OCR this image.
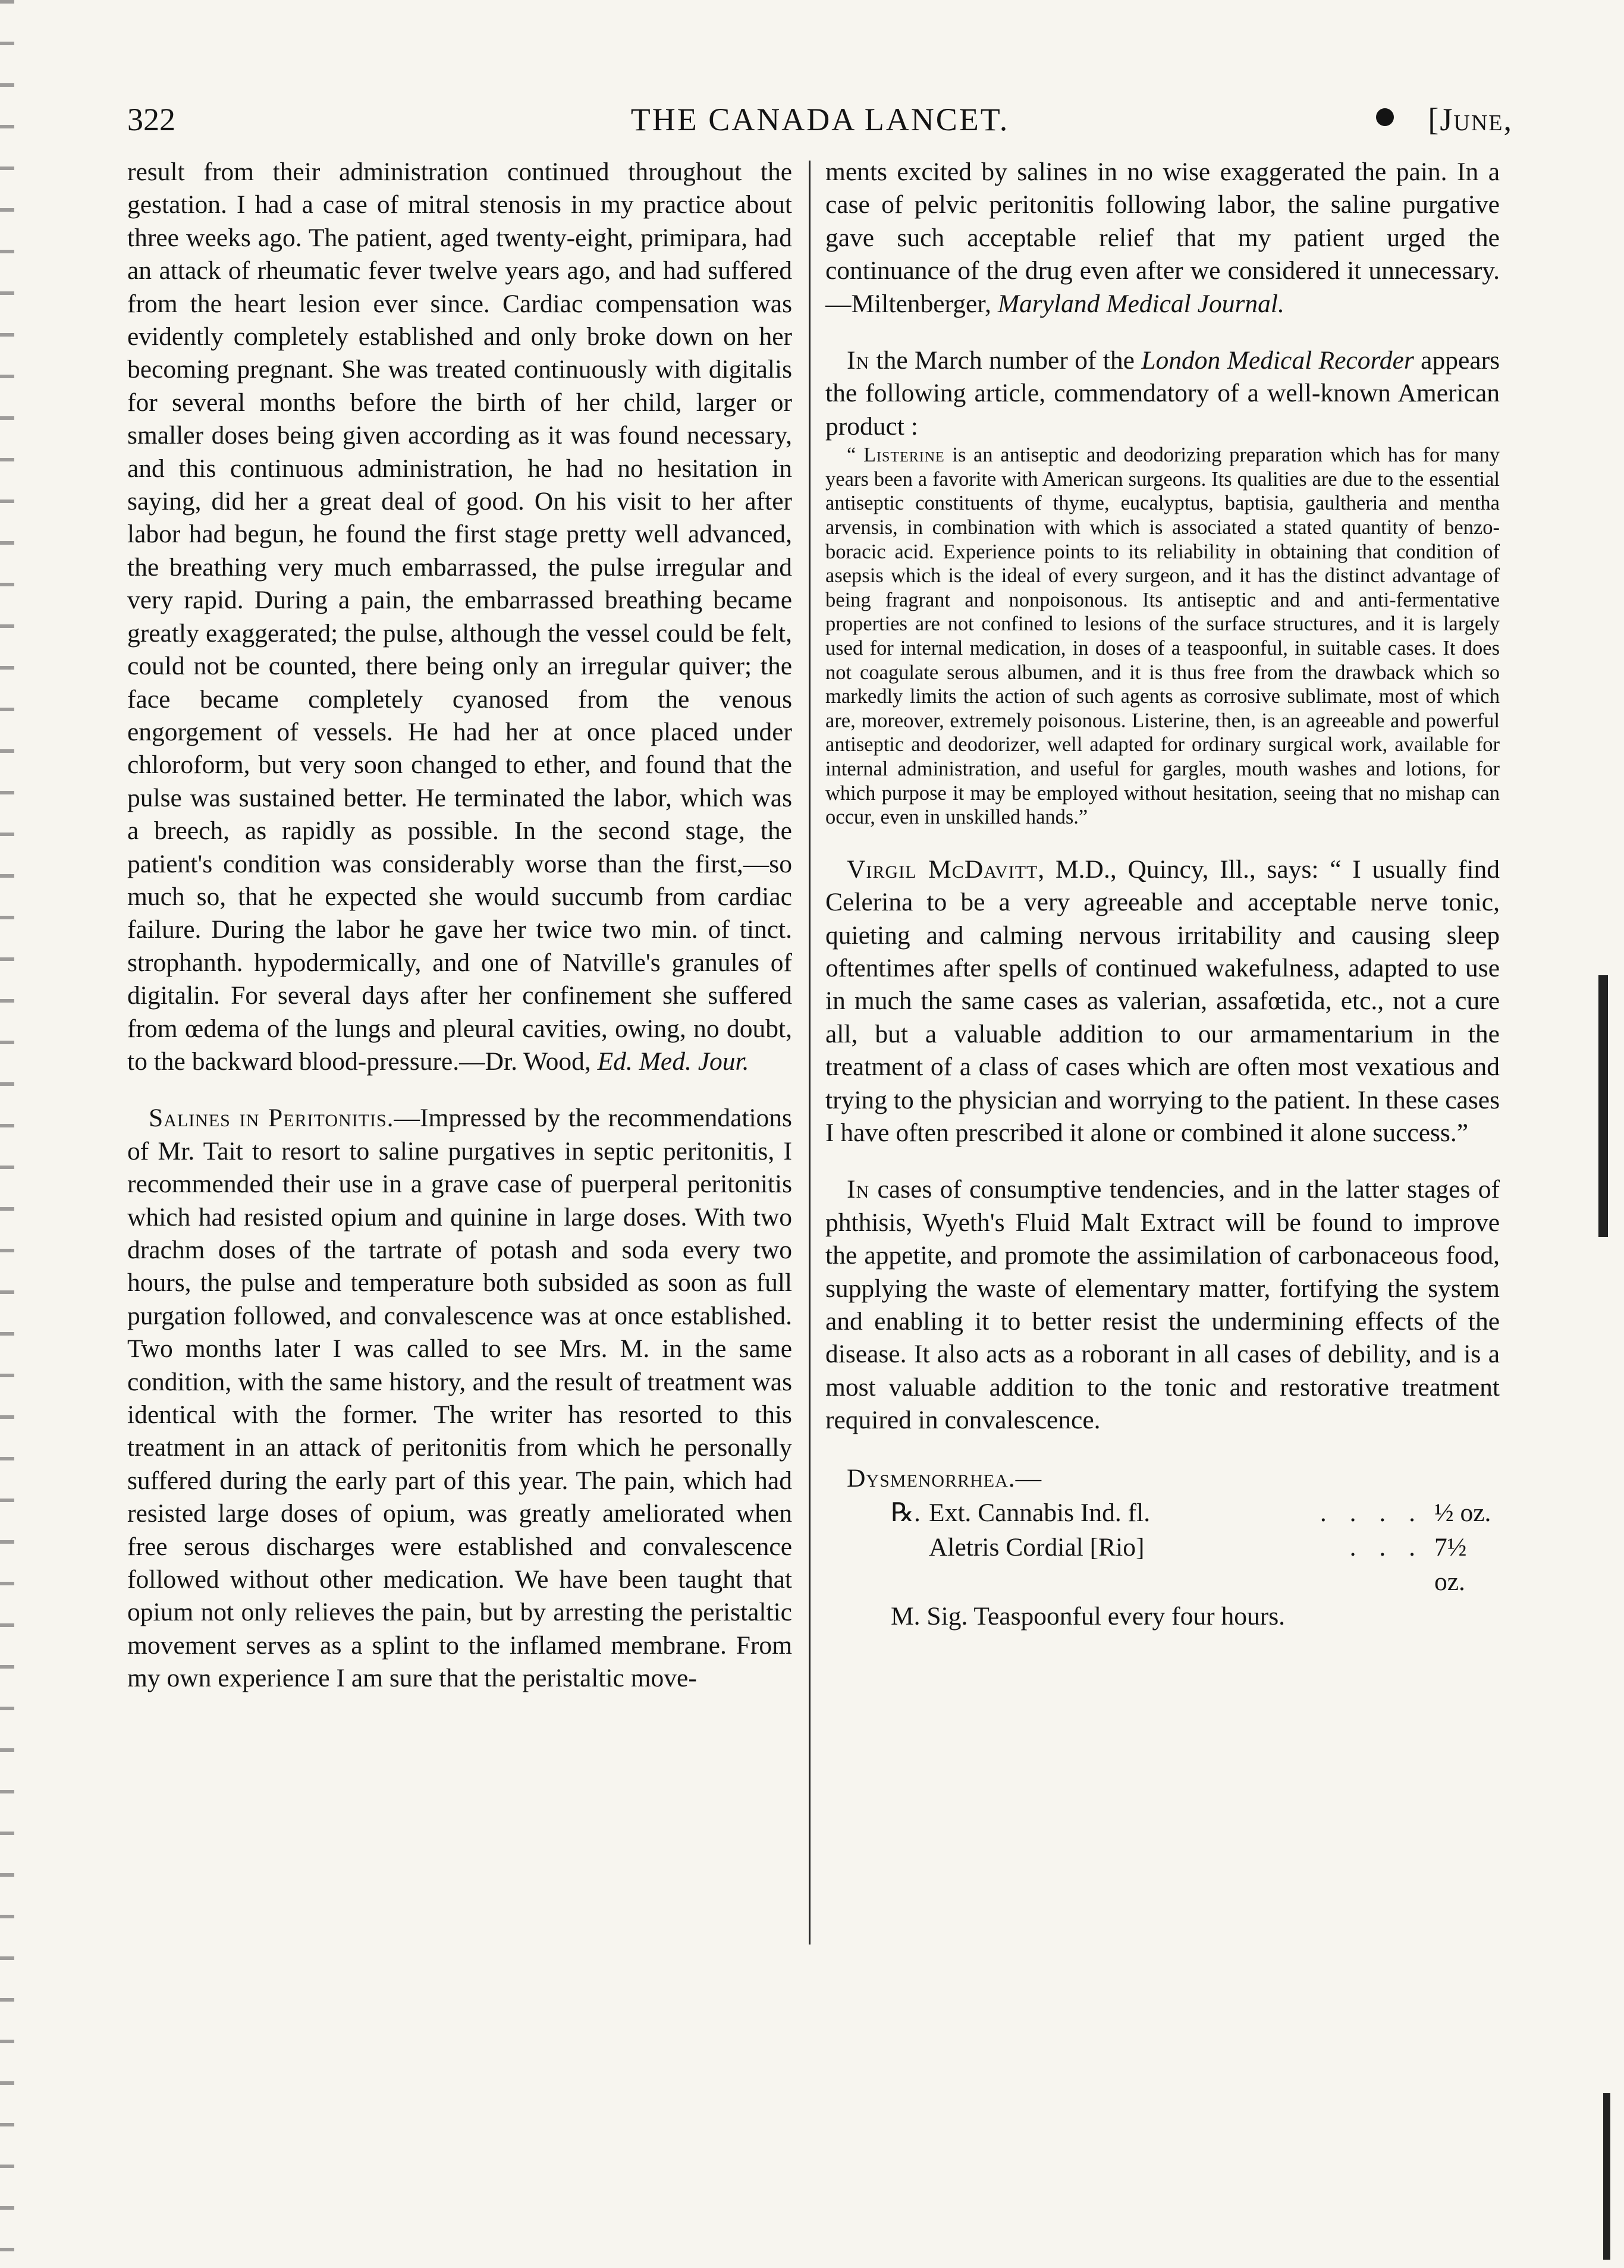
322	THE CANADA LANCET.	[June,

result from their administration continued throughout the gestation. I had a case of mitral stenosis in my practice about three weeks ago. The patient, aged twenty-eight, primipara, had an attack of rheumatic fever twelve years ago, and had suffered from the heart lesion ever since. Cardiac compensation was evidently completely established and only broke down on her becoming pregnant. She was treated continuously with digitalis for several months before the birth of her child, larger or smaller doses being given according as it was found necessary, and this continuous administration, he had no hesitation in saying, did her a great deal of good. On his visit to her after labor had begun, he found the first stage pretty well advanced, the breathing very much embarrassed, the pulse irregular and very rapid. During a pain, the embarrassed breathing became greatly exaggerated; the pulse, although the vessel could be felt, could not be counted, there being only an irregular quiver; the face became completely cyanosed from the venous engorgement of vessels. He had her at once placed under chloroform, but very soon changed to ether, and found that the pulse was sustained better. He terminated the labor, which was a breech, as rapidly as possible. In the second stage, the patient's condition was considerably worse than the first,—so much so, that he expected she would succumb from cardiac failure. During the labor he gave her twice two min. of tinct. strophanth. hypodermically, and one of Natville's granules of digitalin. For several days after her confinement she suffered from œdema of the lungs and pleural cavities, owing, no doubt, to the backward blood-pressure.—Dr. Wood, Ed. Med. Jour.

Salines in Peritonitis.—Impressed by the recommendations of Mr. Tait to resort to saline purgatives in septic peritonitis, I recommended their use in a grave case of puerperal peritonitis which had resisted opium and quinine in large doses. With two drachm doses of the tartrate of potash and soda every two hours, the pulse and temperature both subsided as soon as full purgation followed, and convalescence was at once established. Two months later I was called to see Mrs. M. in the same condition, with the same history, and the result of treatment was identical with the former. The writer has resorted to this treatment in an attack of peritonitis from which he personally suffered during the early part of this year. The pain, which had resisted large doses of opium, was greatly ameliorated when free serous discharges were established and convalescence followed without other medication. We have been taught that opium not only relieves the pain, but by arresting the peristaltic movement serves as a splint to the inflamed membrane. From my own experience I am sure that the peristaltic move-

ments excited by salines in no wise exaggerated the pain. In a case of pelvic peritonitis following labor, the saline purgative gave such acceptable relief that my patient urged the continuance of the drug even after we considered it unnecessary. —Miltenberger, Maryland Medical Journal.

In the March number of the London Medical Recorder appears the following article, commendatory of a well-known American product :

“ Listerine is an antiseptic and deodorizing preparation which has for many years been a favorite with American surgeons. Its qualities are due to the essential antiseptic constituents of thyme, eucalyptus, baptisia, gaultheria and mentha arvensis, in combination with which is associated a stated quantity of benzo-boracic acid. Experience points to its reliability in obtaining that condition of asepsis which is the ideal of every surgeon, and it has the distinct advantage of being fragrant and nonpoisonous. Its antiseptic and and anti-fermentative properties are not confined to lesions of the surface structures, and it is largely used for internal medication, in doses of a teaspoonful, in suitable cases. It does not coagulate serous albumen, and it is thus free from the drawback which so markedly limits the action of such agents as corrosive sublimate, most of which are, moreover, extremely poisonous. Listerine, then, is an agreeable and powerful antiseptic and deodorizer, well adapted for ordinary surgical work, available for internal administration, and useful for gargles, mouth washes and lotions, for which purpose it may be employed without hesitation, seeing that no mishap can occur, even in unskilled hands.”

Virgil McDavitt, M.D., Quincy, Ill., says: “ I usually find Celerina to be a very agreeable and acceptable nerve tonic, quieting and calming nervous irritability and causing sleep oftentimes after spells of continued wakefulness, adapted to use in much the same cases as valerian, assafœtida, etc., not a cure all, but a valuable addition to our armamentarium in the treatment of a class of cases which are often most vexatious and trying to the physician and worrying to the patient. In these cases I have often prescribed it alone or combined it alone success.”

In cases of consumptive tendencies, and in the latter stages of phthisis, Wyeth's Fluid Malt Extract will be found to improve the appetite, and promote the assimilation of carbonaceous food, supplying the waste of elementary matter, fortifying the system and enabling it to better resist the undermining effects of the disease. It also acts as a roborant in all cases of debility, and is a most valuable addition to the tonic and restorative treatment required in convalescence.

Dysmenorrhea.—
℞. Ext. Cannabis Ind. fl.	. . . . ½ oz.
Aletris Cordial [Rio]	. . . 7½ oz.
M. Sig. Teaspoonful every four hours.
